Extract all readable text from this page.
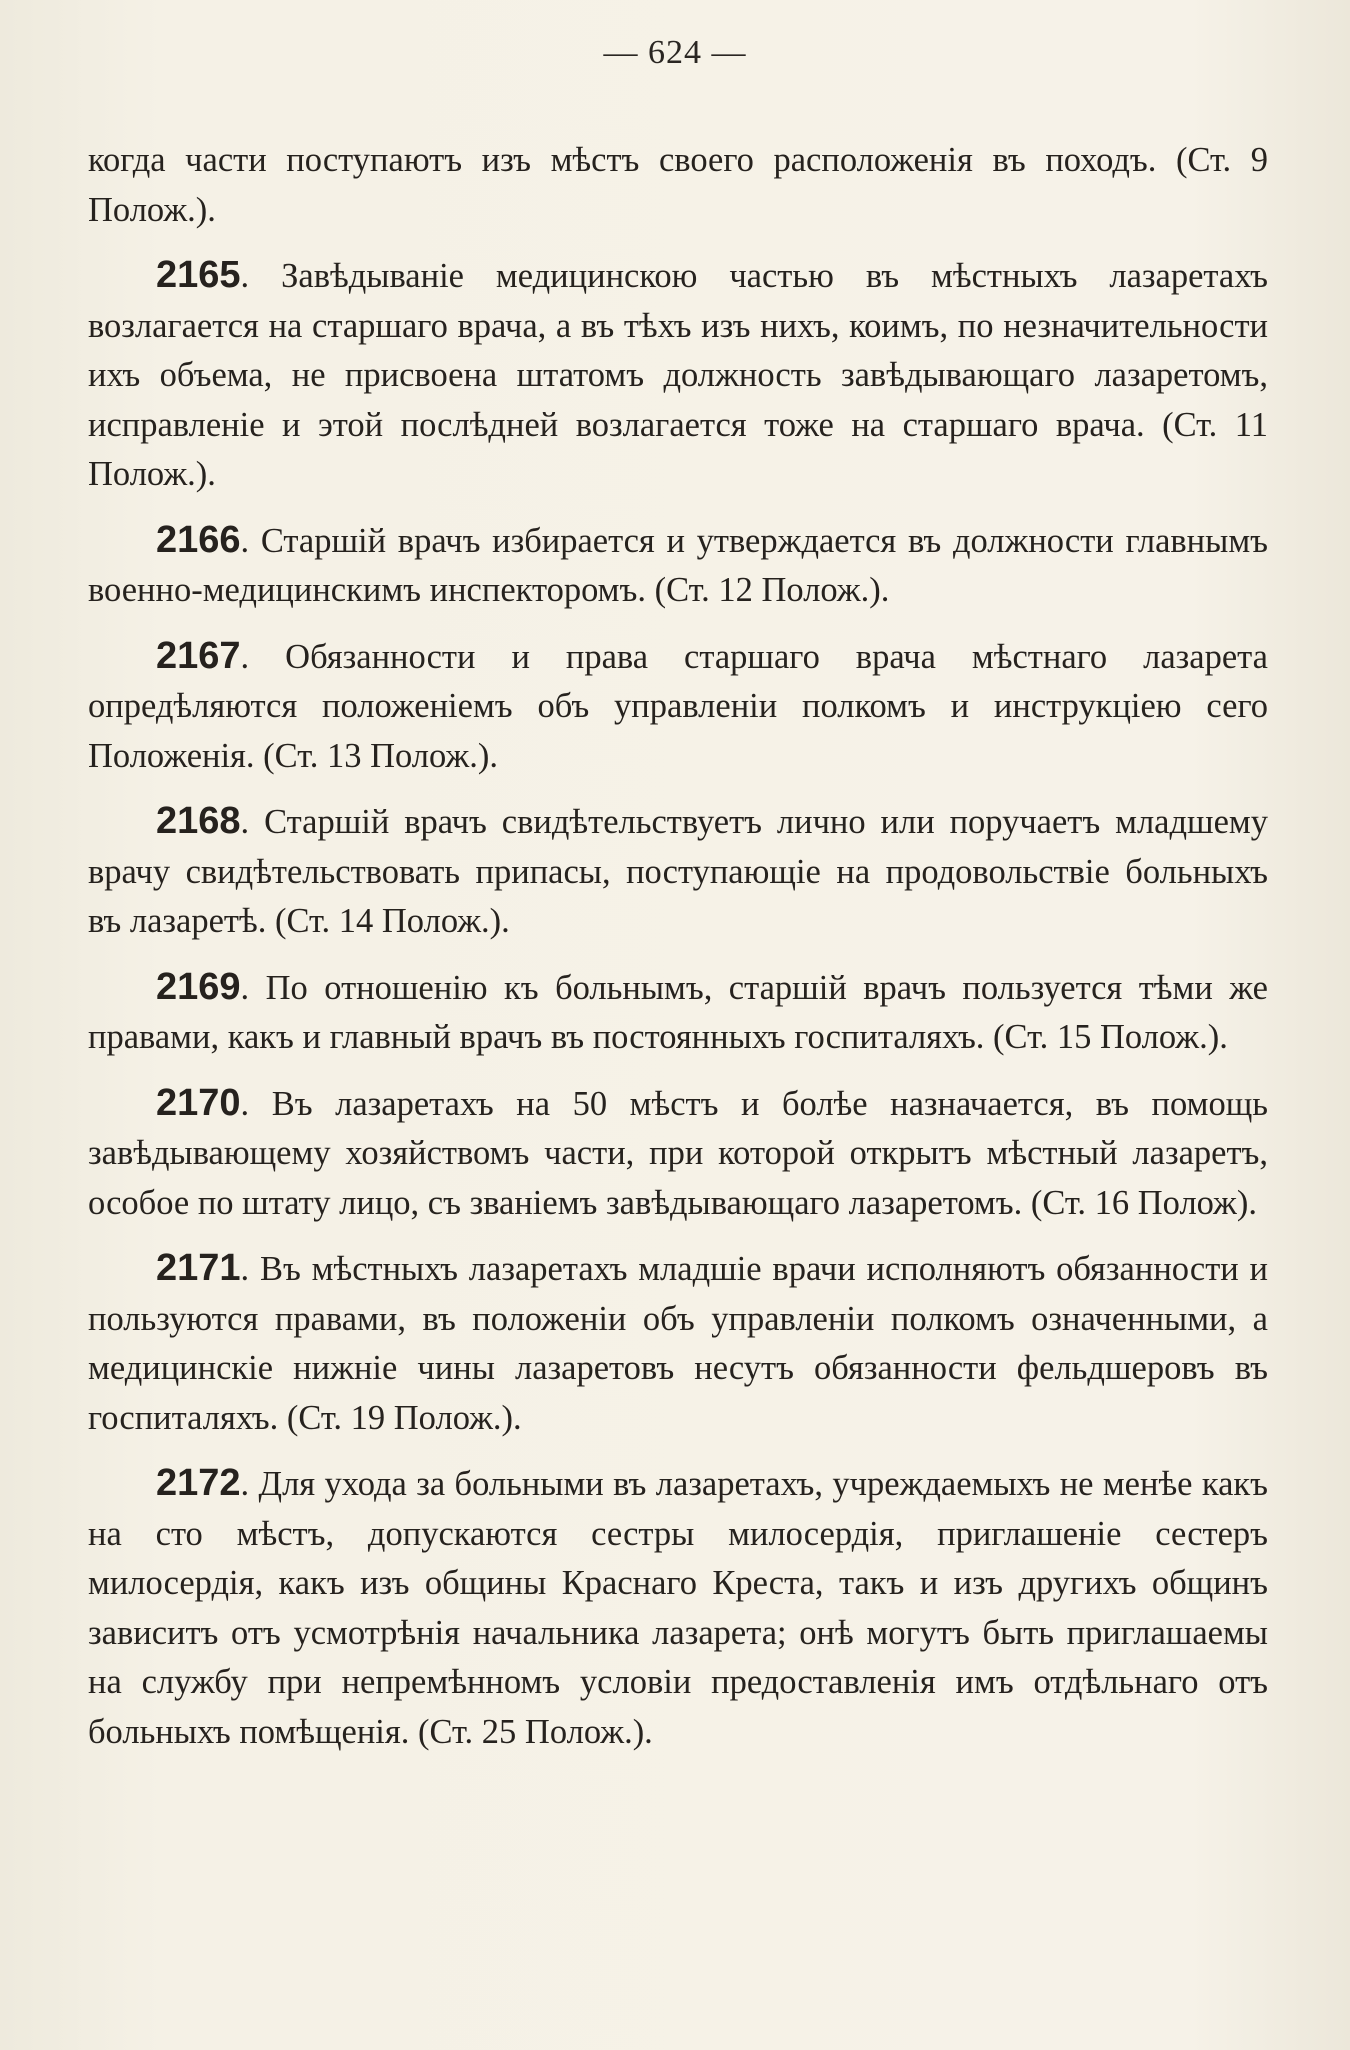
— 624 —

когда части поступаютъ изъ мѣстъ своего расположенія въ походъ. (Ст. 9 Полож.).

2165. Завѣдываніе медицинскою частью въ мѣстныхъ лазаретахъ возлагается на старшаго врача, а въ тѣхъ изъ нихъ, коимъ, по незначительности ихъ объема, не присвоена штатомъ должность завѣдывающаго лазаретомъ, исправленіе и этой послѣдней возлагается тоже на старшаго врача. (Ст. 11 Полож.).

2166. Старшій врачъ избирается и утверждается въ должности главнымъ военно-медицинскимъ инспекторомъ. (Ст. 12 Полож.).

2167. Обязанности и права старшаго врача мѣстнаго лазарета опредѣляются положеніемъ объ управленіи полкомъ и инструкціею сего Положенія. (Ст. 13 Полож.).

2168. Старшій врачъ свидѣтельствуетъ лично или поручаетъ младшему врачу свидѣтельствовать припасы, поступающіе на продовольствіе больныхъ въ лазаретѣ. (Ст. 14 Полож.).

2169. По отношенію къ больнымъ, старшій врачъ пользуется тѣми же правами, какъ и главный врачъ въ постоянныхъ госпиталяхъ. (Ст. 15 Полож.).

2170. Въ лазаретахъ на 50 мѣстъ и болѣе назначается, въ помощь завѣдывающему хозяйствомъ части, при которой открытъ мѣстный лазаретъ, особое по штату лицо, съ званіемъ завѣдывающаго лазаретомъ. (Ст. 16 Полож).

2171. Въ мѣстныхъ лазаретахъ младшіе врачи исполняютъ обязанности и пользуются правами, въ положеніи объ управленіи полкомъ означенными, а медицинскіе нижніе чины лазаретовъ несутъ обязанности фельдшеровъ въ госпиталяхъ. (Ст. 19 Полож.).

2172. Для ухода за больными въ лазаретахъ, учреждаемыхъ не менѣе какъ на сто мѣстъ, допускаются сестры милосердія, приглашеніе сестеръ милосердія, какъ изъ общины Краснаго Креста, такъ и изъ другихъ общинъ зависитъ отъ усмотрѣнія начальника лазарета; онѣ могутъ быть приглашаемы на службу при непремѣнномъ условіи предоставленія имъ отдѣльнаго отъ больныхъ помѣщенія. (Ст. 25 Полож.).
